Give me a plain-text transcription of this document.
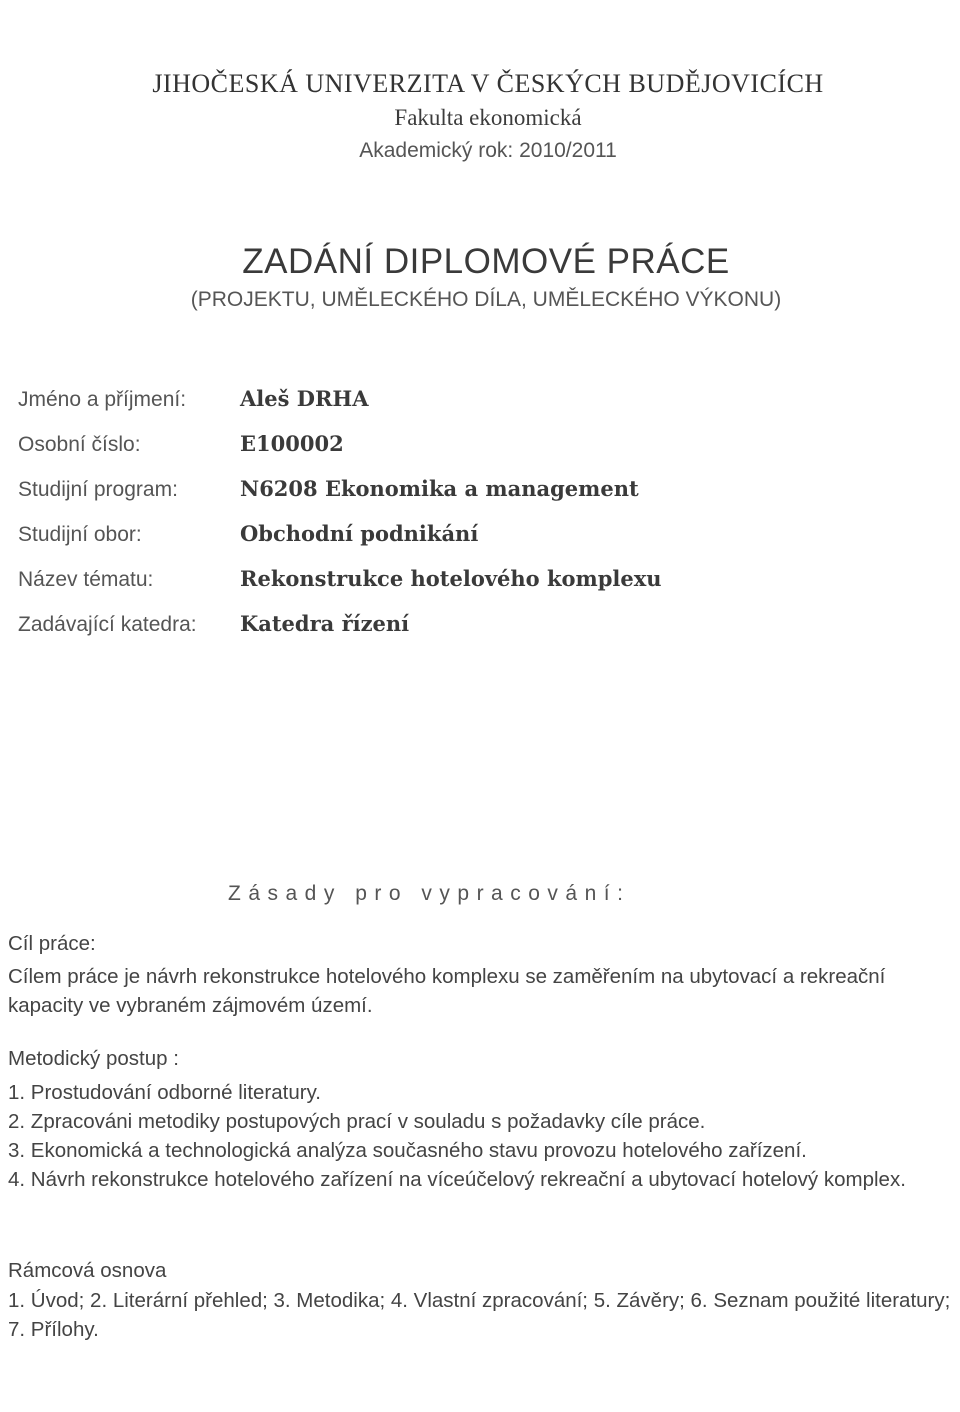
JIHOČESKÁ UNIVERZITA V ČESKÝCH BUDĚJOVICÍCH
Fakulta ekonomická
Akademický rok: 2010/2011
ZADÁNÍ DIPLOMOVÉ PRÁCE
(PROJEKTU, UMĚLECKÉHO DÍLA, UMĚLECKÉHO VÝKONU)
Jméno a příjmení:	Aleš DRHA
Osobní číslo:	E100002
Studijní program:	N6208 Ekonomika a management
Studijní obor:	Obchodní podnikání
Název tématu:	Rekonstrukce hotelového komplexu
Zadávající katedra:	Katedra řízení
Zásady pro vypracování:
Cíl práce:
Cílem práce je návrh rekonstrukce hotelového komplexu se zaměřením na ubytovací a rekreační kapacity ve vybraném zájmovém území.
Metodický postup :

1. Prostudování odborné literatury.

2. Zpracováni metodiky postupových prací v souladu s požadavky cíle práce.

3. Ekonomická a technologická analýza současného stavu provozu hotelového zařízení.

4. Návrh rekonstrukce hotelového zařízení na víceúčelový rekreační a ubytovací hotelový komplex.

Rámcová osnova
1. Úvod; 2. Literární přehled; 3. Metodika; 4. Vlastní zpracování; 5. Závěry; 6. Seznam použité literatury; 7. Přílohy.
